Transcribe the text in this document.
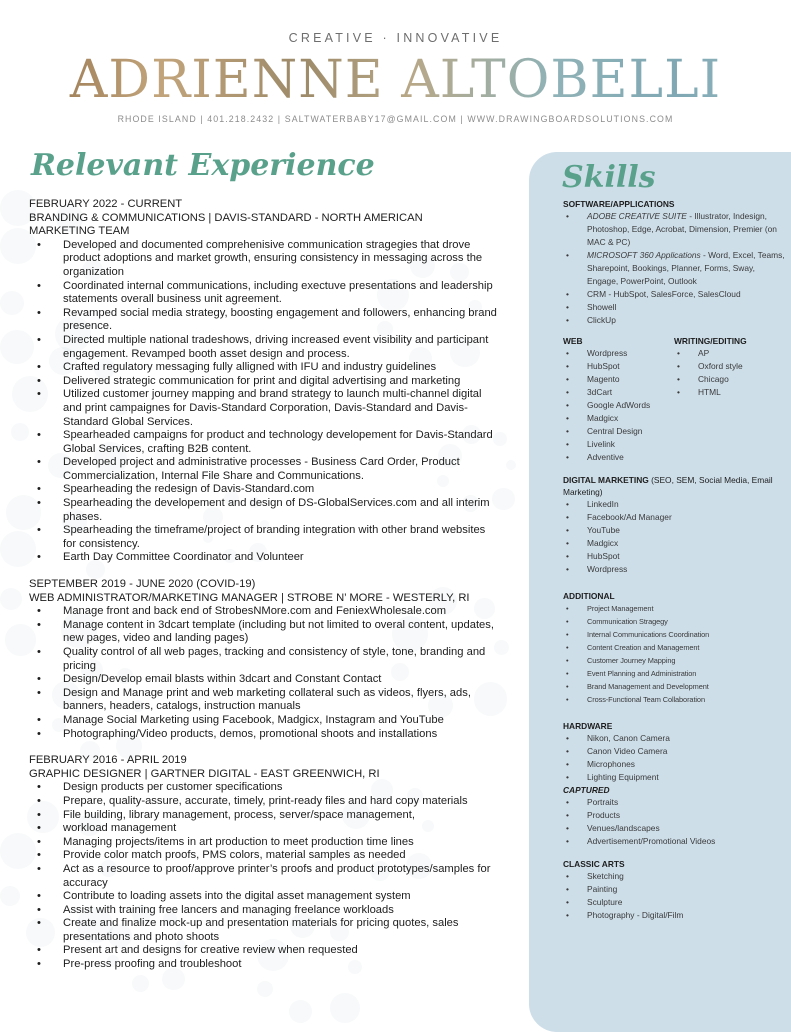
CREATIVE · INNOVATIVE
ADRIENNE ALTOBELLI
RHODE ISLAND | 401.218.2432 | SALTWATERBABY17@GMAIL.COM | WWW.DRAWINGBOARDSOLUTIONS.COM
Relevant Experience	Skills
FEBRUARY 2022 - CURRENT
BRANDING & COMMUNICATIONS | DAVIS-STANDARD - NORTH AMERICAN
MARKETING TEAM
• Developed and documented comprehenisive communication stragegies that drove product adoptions and market growth, ensuring consistency in messaging across the organization
• Coordinated internal communications, including exectuve presentations and leadership statements overall business unit agreement.
• Revamped social media strategy, boosting engagement and followers, enhancing brand presence.
• Directed multiple national tradeshows, driving increased event visibility and participant engagement. Revamped booth asset design and process.
• Crafted regulatory messaging fully alligned with IFU and industry guidelines
• Delivered strategic communication for print and digital advertising and marketing
• Utilized customer journey mapping and brand strategy to launch multi-channel digital and print campaignes for Davis-Standard Corporation, Davis-Standard and Davis-Standard Global Services.
• Spearheaded campaigns for product and technology developement for Davis-Standard Global Services, crafting B2B content.
• Developed project and administrative processes - Business Card Order, Product Commercialization, Internal File Share and Communications.
• Spearheading the redesign of Davis-Standard.com
• Spearheading the developement and design of DS-GlobalServices.com and all interim phases.
• Spearheading the timeframe/project of branding integration with other brand websites for consistency.
• Earth Day Committee Coordinator and Volunteer
SEPTEMBER 2019 - JUNE 2020 (COVID-19)
WEB ADMINISTRATOR/MARKETING MANAGER | STROBE N’ MORE - WESTERLY, RI
• Manage front and back end of StrobesNMore.com and FeniexWholesale.com
• Manage content in 3dcart template (including but not limited to overal content, updates, new pages, video and landing pages)
• Quality control of all web pages, tracking and consistency of style, tone, branding and pricing
• Design/Develop email blasts within 3dcart and Constant Contact
• Design and Manage print and web marketing collateral such as videos, flyers, ads, banners, headers, catalogs, instruction manuals
• Manage Social Marketing using Facebook, Madgicx, Instagram and YouTube
• Photographing/Video products, demos, promotional shoots and installations
FEBRUARY 2016 - APRIL 2019
GRAPHIC DESIGNER | GARTNER DIGITAL - EAST GREENWICH, RI
• Design products per customer specifications
• Prepare, quality-assure, accurate, timely, print-ready files and hard copy materials
• File building, library management, process, server/space management,
• workload management
• Managing projects/items in art production to meet production time lines
• Provide color match proofs, PMS colors, material samples as needed
• Act as a resource to proof/approve printer’s proofs and product prototypes/samples for accuracy
• Contribute to loading assets into the digital asset management system
• Assist with training free lancers and managing freelance workloads
• Create and finalize mock-up and presentation materials for pricing quotes, sales presentations and photo shoots
• Present art and designs for creative review when requested
• Pre-press proofing and troubleshoot
SOFTWARE/APPLICATIONS
• ADOBE CREATIVE SUITE - Illustrator, Indesign, Photoshop, Edge, Acrobat, Dimension, Premier (on MAC & PC)
• MICROSOFT 360 Applications - Word, Excel, Teams, Sharepoint, Bookings, Planner, Forms, Sway, Engage, PowerPoint, Outlook
• CRM - HubSpot, SalesForce, SalesCloud
• Showell
• ClickUp
WEB
• Wordpress
• HubSpot
• Magento
• 3dCart
• Google AdWords
• Madgicx
• Central Design
• Livelink
• Adventive
WRITING/EDITING
• AP
• Oxford style
• Chicago
• HTML
DIGITAL MARKETING (SEO, SEM, Social Media, Email Marketing)
• LinkedIn
• Facebook/Ad Manager
• YouTube
• Madgicx
• HubSpot
• Wordpress
ADDITIONAL
• Project Management
• Communication Stragegy
• Internal Communications Coordination
• Content Creation and Management
• Customer Journey Mapping
• Event Planning and Administration
• Brand Management and Development
• Cross-Functional Team Collaboration
HARDWARE
• Nikon, Canon Camera
• Canon Video Camera
• Microphones
• Lighting Equipment
CAPTURED
• Portraits
• Products
• Venues/landscapes
• Advertisement/Promotional Videos
CLASSIC ARTS
• Sketching
• Painting
• Sculpture
• Photography - Digital/Film
